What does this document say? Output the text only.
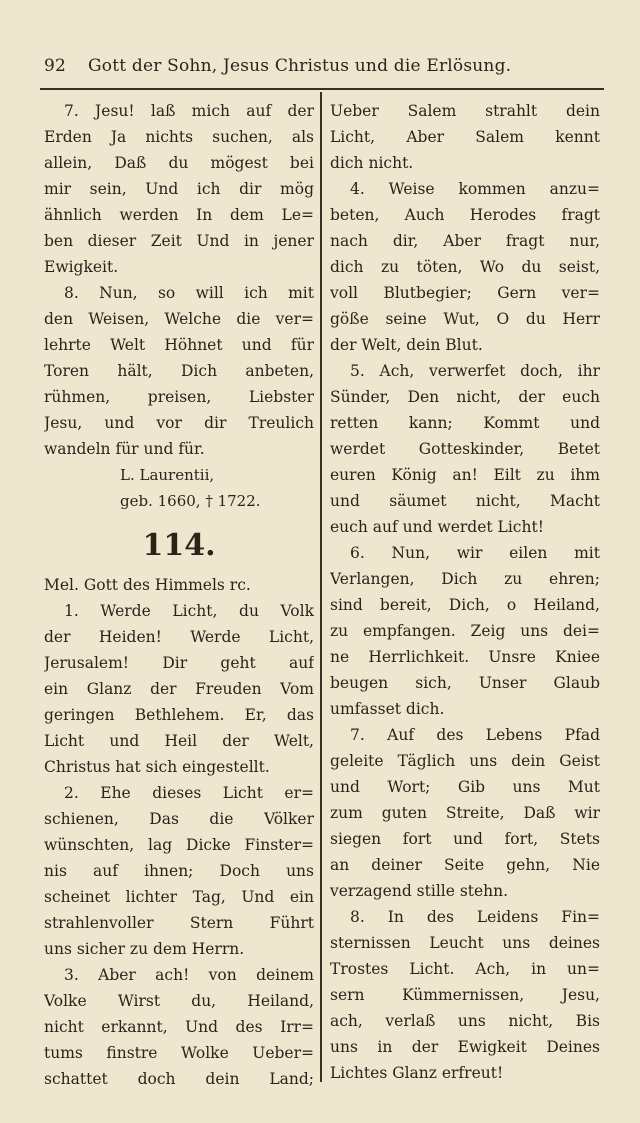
92 Gott der Sohn, Jesus Christus und die Erlösung.
7. Jesu! laß mich auf der
Erden Ja nichts suchen, als
allein, Daß du mögest bei
mir sein, Und ich dir mög
ähnlich werden In dem Le=
ben dieser Zeit Und in jener
Ewigkeit.
8. Nun, so will ich mit
den Weisen, Welche die ver=
lehrte Welt Höhnet und für
Toren hält, Dich anbeten,
rühmen, preisen, Liebster
Jesu, und vor dir Treulich
wandeln für und für.
L. Laurentii,
geb. 1660, † 1722.
114.
Mel. Gott des Himmels rc.
1. Werde Licht, du Volk
der Heiden! Werde Licht,
Jerusalem! Dir geht auf
ein Glanz der Freuden Vom
geringen Bethlehem. Er, das
Licht und Heil der Welt,
Christus hat sich eingestellt.
2. Ehe dieses Licht er=
schienen, Das die Völker
wünschten, lag Dicke Finster=
nis auf ihnen; Doch uns
scheinet lichter Tag, Und ein
strahlenvoller Stern Führt
uns sicher zu dem Herrn.
3. Aber ach! von deinem
Volke Wirst du, Heiland,
nicht erkannt, Und des Irr=
tums finstre Wolke Ueber=
schattet doch dein Land;
Ueber Salem strahlt dein
Licht, Aber Salem kennt
dich nicht.
4. Weise kommen anzu=
beten, Auch Herodes fragt
nach dir, Aber fragt nur,
dich zu töten, Wo du seist,
voll Blutbegier; Gern ver=
göße seine Wut, O du Herr
der Welt, dein Blut.
5. Ach, verwerfet doch, ihr
Sünder, Den nicht, der euch
retten kann; Kommt und
werdet Gotteskinder, Betet
euren König an! Eilt zu ihm
und säumet nicht, Macht
euch auf und werdet Licht!
6. Nun, wir eilen mit
Verlangen, Dich zu ehren;
sind bereit, Dich, o Heiland,
zu empfangen. Zeig uns dei=
ne Herrlichkeit. Unsre Kniee
beugen sich, Unser Glaub
umfasset dich.
7. Auf des Lebens Pfad
geleite Täglich uns dein Geist
und Wort; Gib uns Mut
zum guten Streite, Daß wir
siegen fort und fort, Stets
an deiner Seite gehn, Nie
verzagend stille stehn.
8. In des Leidens Fin=
sternissen Leucht uns deines
Trostes Licht. Ach, in un=
sern Kümmernissen, Jesu,
ach, verlaß uns nicht, Bis
uns in der Ewigkeit Deines
Lichtes Glanz erfreut!
